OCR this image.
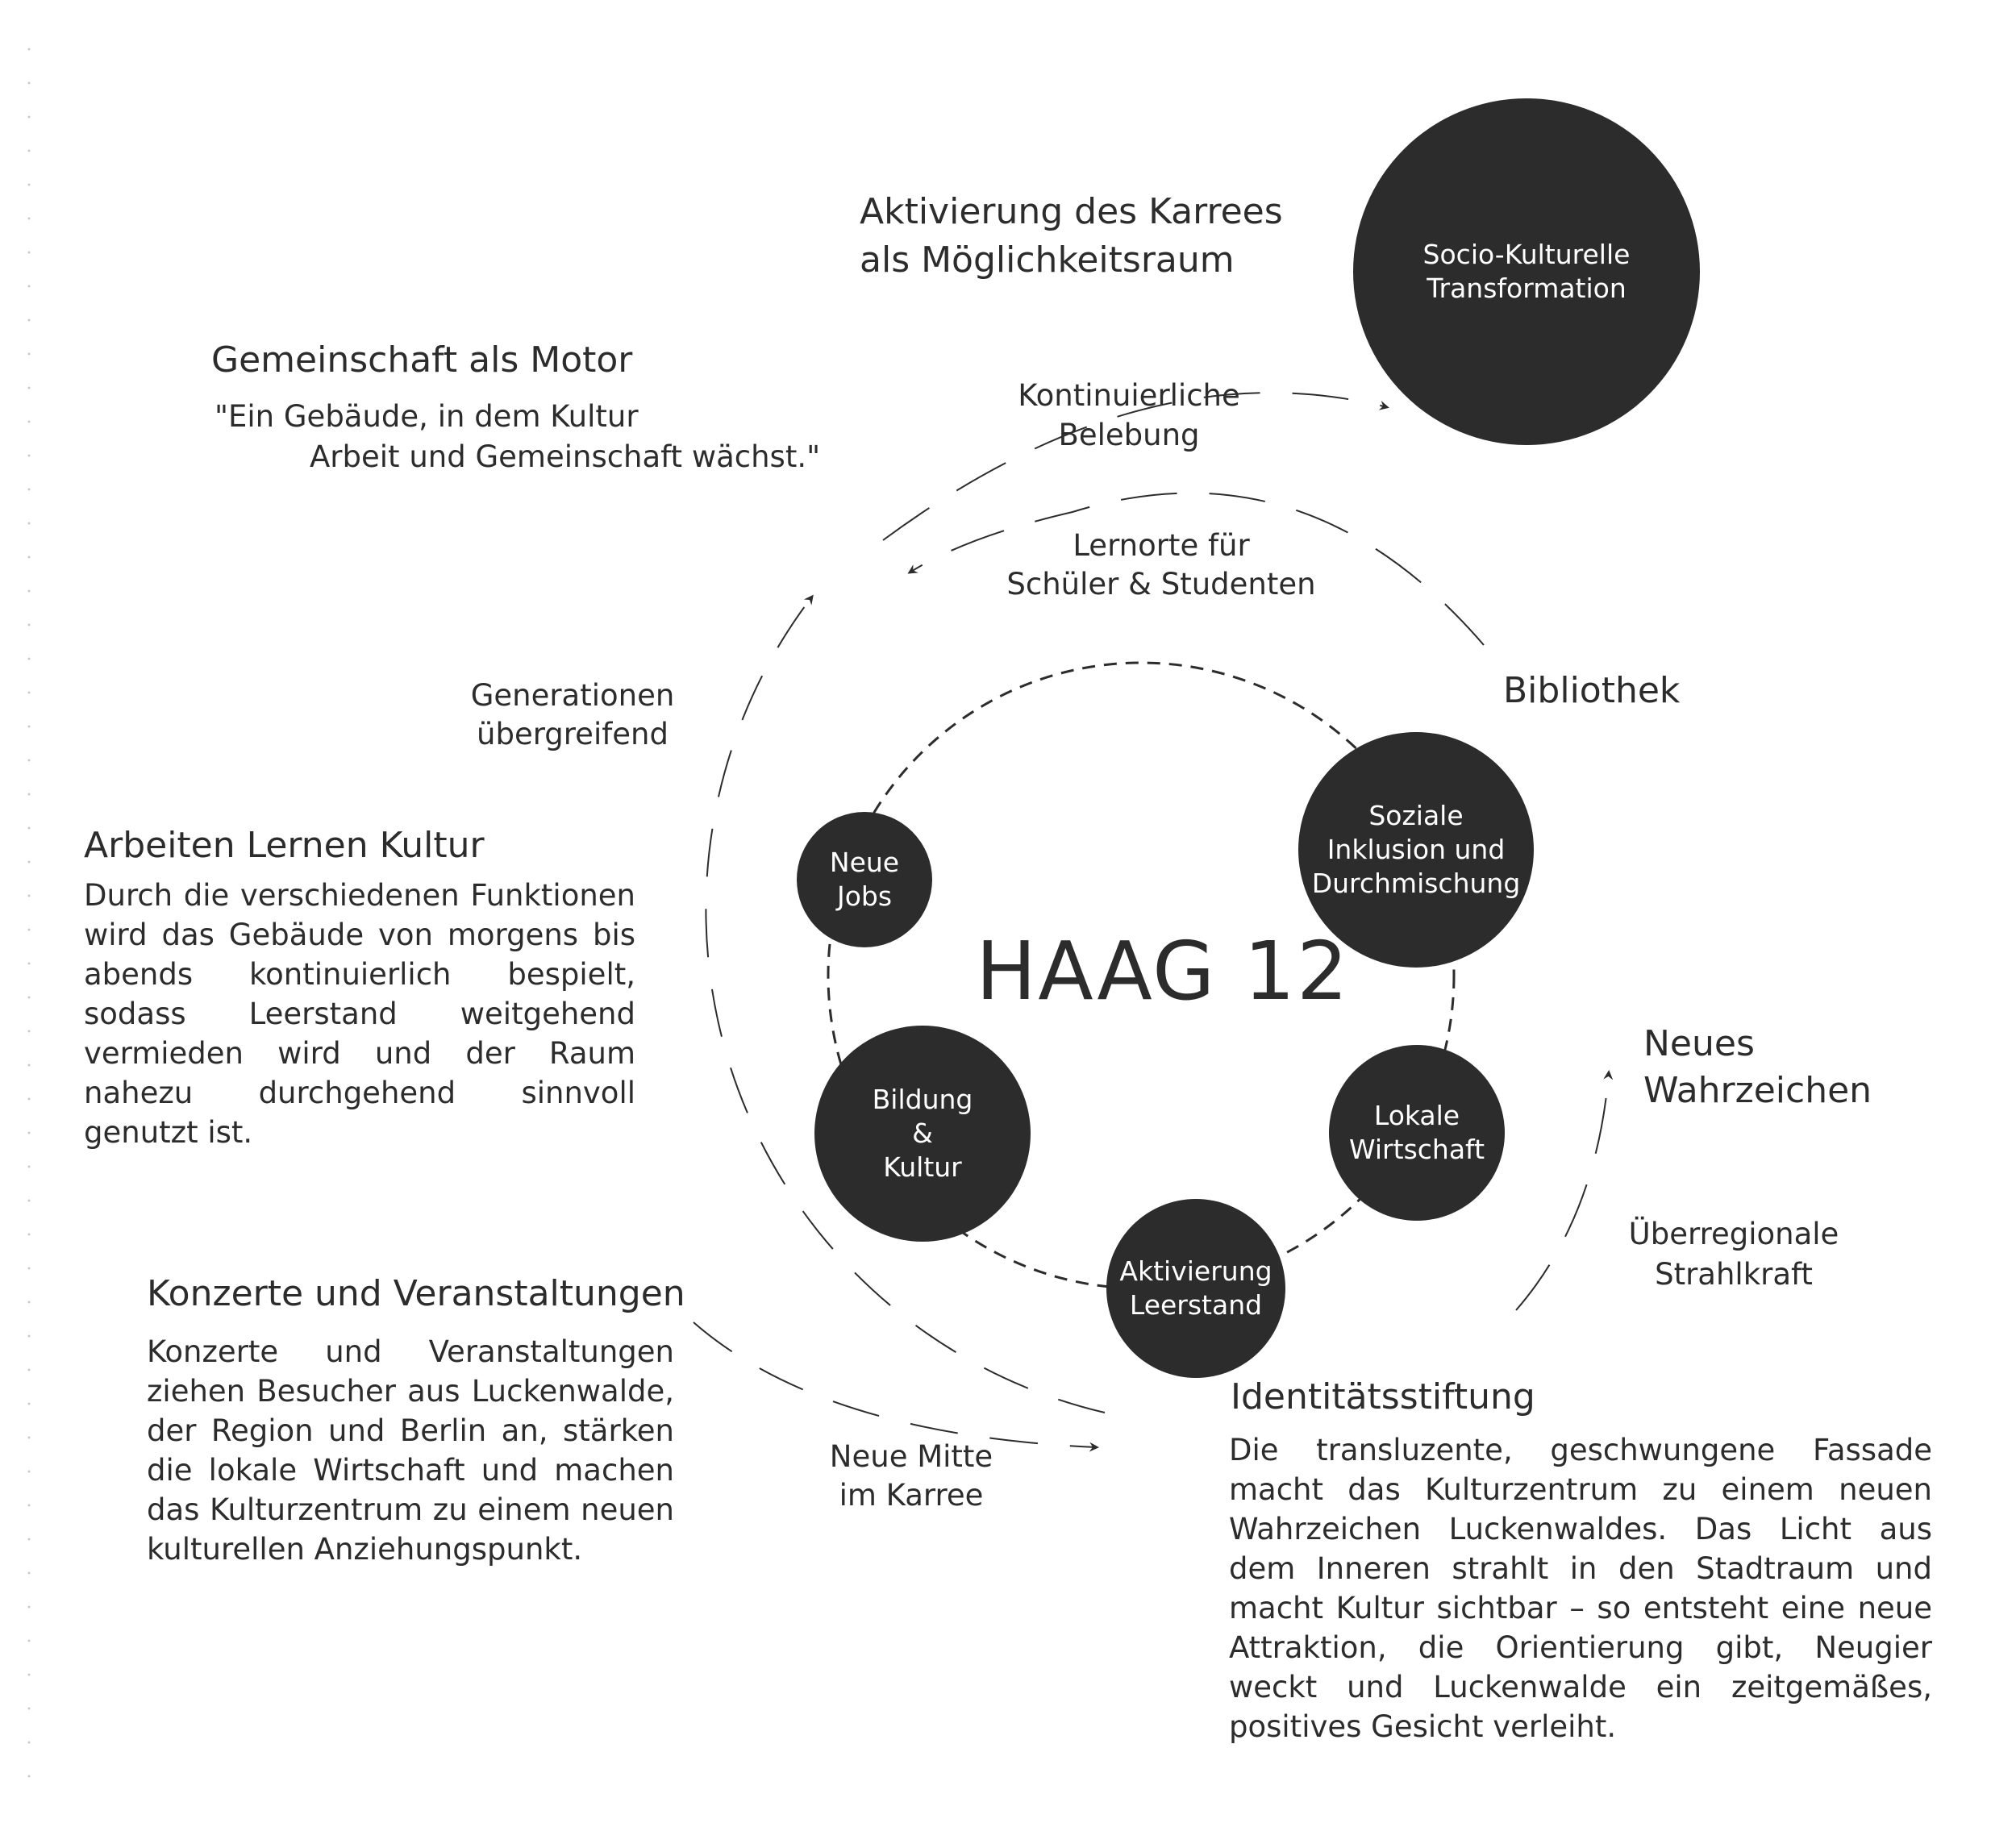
Socio-Kulturelle
Transformation
Neue
Jobs
Soziale
Inklusion und
Durchmischung
Bildung
&
Kultur
Lokale
Wirtschaft
Aktivierung
Leerstand
HAAG 12

Aktivierung des Karrees

als Möglichkeitsraum

Gemeinschaft als Motor

"Ein Gebäude, in dem Kultur

Arbeit und Gemeinschaft wächst."

Bibliothek

Arbeiten Lernen Kultur

Durch die verschiedenen Funktionen wird das Gebäude von morgens bis abends kontinuierlich bespielt, sodass Leerstand weitgehend vermieden wird und der Raum nahezu durchgehend sinnvoll genutzt ist.

Neues

Wahrzeichen

Konzerte und Veranstaltungen

Konzerte und Veranstaltungen ziehen Besucher aus Luckenwalde, der Region und Berlin an, stärken die lokale Wirtschaft und machen das Kulturzentrum zu einem neuen kulturellen Anziehungspunkt.

Identitätsstiftung

Die transluzente, geschwungene Fassade macht das Kulturzentrum zu einem neuen Wahrzeichen Luckenwaldes. Das Licht aus dem Inneren strahlt in den Stadtraum und macht Kultur sichtbar – so entsteht eine neue Attraktion, die Orientierung gibt, Neugier weckt und Luckenwalde ein zeitgemäßes, positives Gesicht verleiht.

Kontinuierliche

Belebung

Lernorte für

Schüler & Studenten

Generationen

übergreifend

Neue Mitte

im Karree

Überregionale

Strahlkraft
